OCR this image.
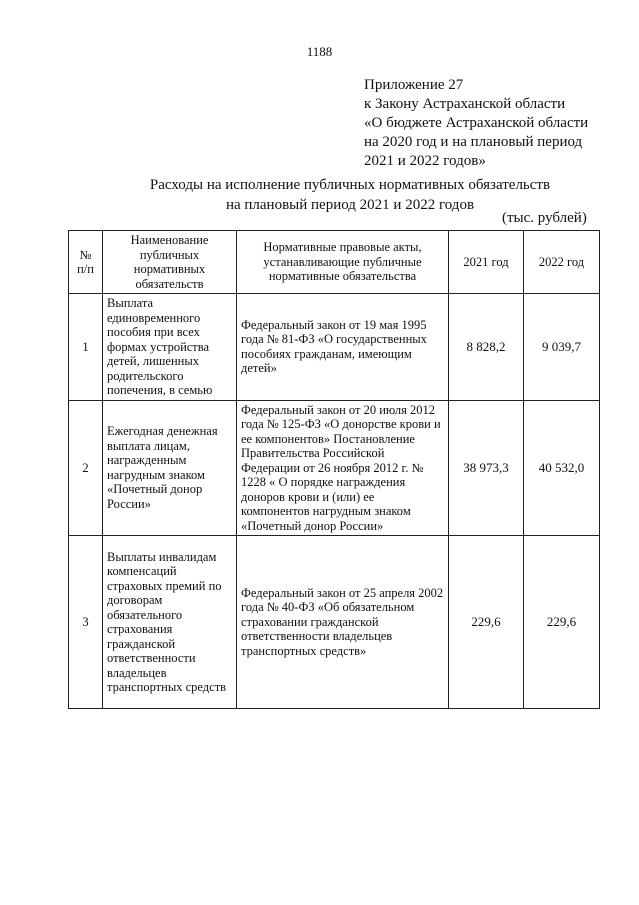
1188
Приложение 27
к Закону Астраханской области
«О бюджете Астраханской области
на 2020 год и на плановый период
2021 и 2022 годов»
Расходы на исполнение публичных нормативных обязательств
на плановый период 2021 и 2022 годов
(тыс. рублей)
№ п/п	Наименование публичных нормативных обязательств	Нормативные правовые акты, устанавливающие публичные нормативные обязательства	2021 год	2022 год
1	Выплата единовременного пособия при всех формах устройства детей, лишенных родительского попечения, в семью	Федеральный закон от 19 мая 1995 года № 81-ФЗ «О государственных пособиях гражданам, имеющим детей»	8 828,2	9 039,7
2	Ежегодная денежная выплата лицам, награжденным нагрудным знаком «Почетный донор России»	Федеральный закон от 20 июля 2012 года № 125-ФЗ «О донорстве крови и ее компонентов» Постановление Правительства Российской Федерации от 26 ноября 2012 г. № 1228 « О порядке награждения доноров крови и (или) ее компонентов нагрудным знаком «Почетный донор России»	38 973,3	40 532,0
3	Выплаты инвалидам компенсаций страховых премий по договорам обязательного страхования гражданской ответственности владельцев транспортных средств	Федеральный закон от 25 апреля 2002 года № 40-ФЗ «Об обязательном страховании гражданской ответственности владельцев транспортных средств»	229,6	229,6
